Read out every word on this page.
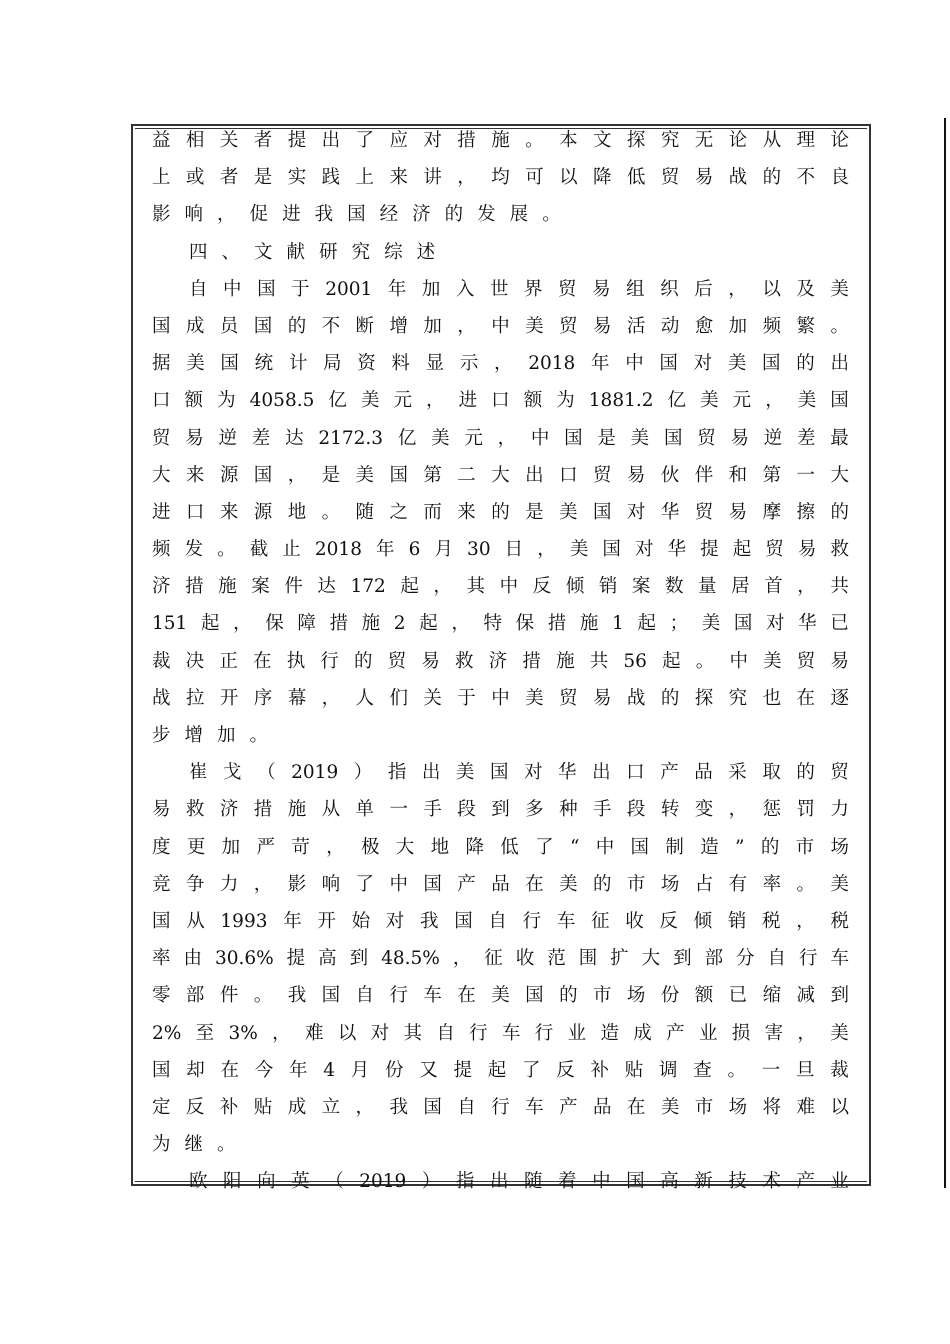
益 相 关 者 提 出 了 应 对 措 施 。 本 文 探 究 无 论 从 理 论
上 或 者 是 实 践 上 来 讲 ， 均 可 以 降 低 贸 易 战 的 不 良
影 响 ， 促 进 我 国 经 济 的 发 展 。
四 、 文 献 研 究 综 述
自 中 国 于 2001 年 加 入 世 界 贸 易 组 织 后 ， 以 及 美
国 成 员 国 的 不 断 增 加 ， 中 美 贸 易 活 动 愈 加 频 繁 。
据 美 国 统 计 局 资 料 显 示 ， 2018 年 中 国 对 美 国 的 出
口 额 为 4058.5 亿 美 元 ， 进 口 额 为 1881.2 亿 美 元 ， 美 国
贸 易 逆 差 达 2172.3 亿 美 元 ， 中 国 是 美 国 贸 易 逆 差 最
大 来 源 国 ， 是 美 国 第 二 大 出 口 贸 易 伙 伴 和 第 一 大
进 口 来 源 地 。 随 之 而 来 的 是 美 国 对 华 贸 易 摩 擦 的
频 发 。 截 止 2018 年 6 月 30 日 ， 美 国 对 华 提 起 贸 易 救
济 措 施 案 件 达 172 起 ， 其 中 反 倾 销 案 数 量 居 首 ， 共
151 起 ， 保 障 措 施 2 起 ， 特 保 措 施 1 起 ； 美 国 对 华 已
裁 决 正 在 执 行 的 贸 易 救 济 措 施 共 56 起 。 中 美 贸 易
战 拉 开 序 幕 ， 人 们 关 于 中 美 贸 易 战 的 探 究 也 在 逐
步 增 加 。
崔 戈 （ 2019 ） 指 出 美 国 对 华 出 口 产 品 采 取 的 贸
易 救 济 措 施 从 单 一 手 段 到 多 种 手 段 转 变 ， 惩 罚 力
度 更 加 严 苛 ， 极 大 地 降 低 了 “ 中 国 制 造 ” 的 市 场
竞 争 力 ， 影 响 了 中 国 产 品 在 美 的 市 场 占 有 率 。 美
国 从 1993 年 开 始 对 我 国 自 行 车 征 收 反 倾 销 税 ， 税
率 由 30.6% 提 高 到 48.5% ， 征 收 范 围 扩 大 到 部 分 自 行 车
零 部 件 。 我 国 自 行 车 在 美 国 的 市 场 份 额 已 缩 减 到
2% 至 3% ， 难 以 对 其 自 行 车 行 业 造 成 产 业 损 害 ， 美
国 却 在 今 年 4 月 份 又 提 起 了 反 补 贴 调 查 。 一 旦 裁
定 反 补 贴 成 立 ， 我 国 自 行 车 产 品 在 美 市 场 将 难 以
为 继 。
欧 阳 向 英 （ 2019 ） 指 出 随 着 中 国 高 新 技 术 产 业
